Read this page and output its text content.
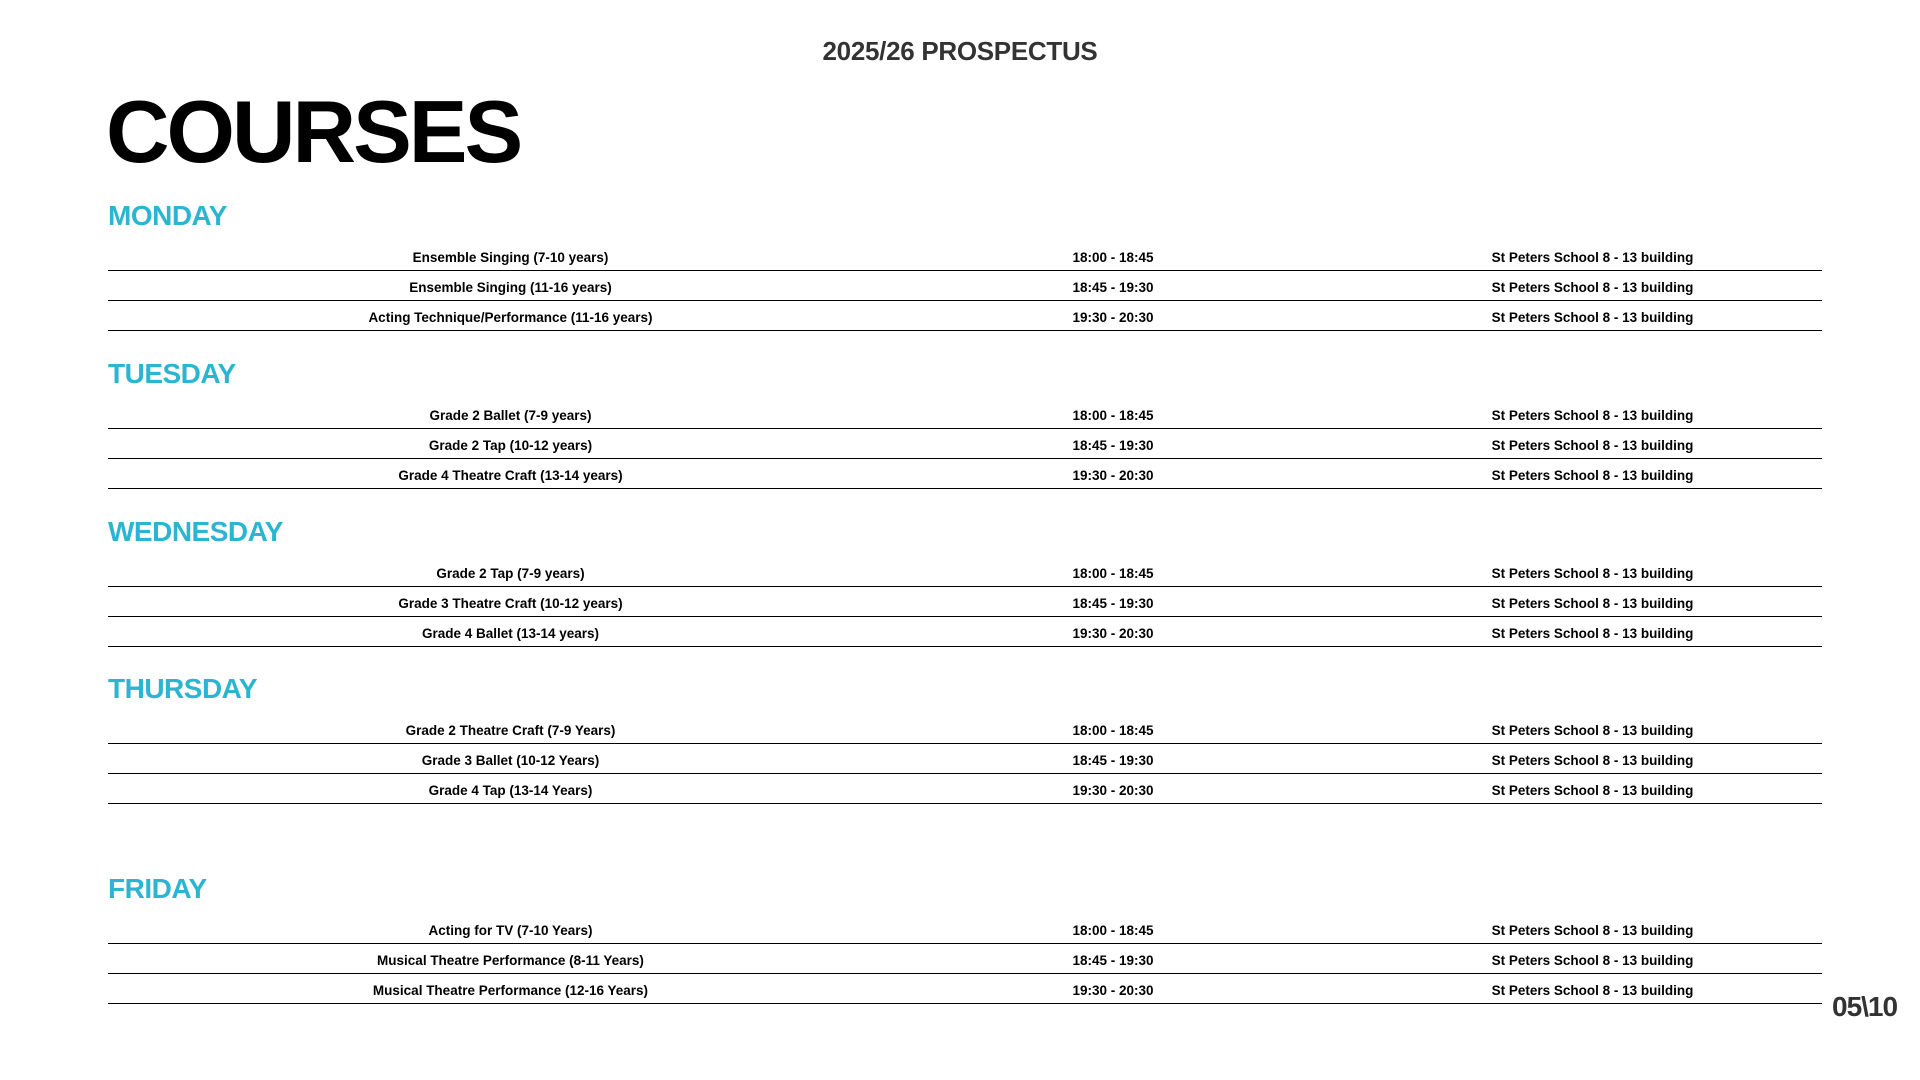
2025/26 PROSPECTUS
COURSES
MONDAY
Ensemble Singing (7-10 years)	18:00 - 18:45	St Peters School 8 - 13 building
Ensemble Singing (11-16 years)	18:45 - 19:30	St Peters School 8 - 13 building
Acting Technique/Performance (11-16 years)	19:30 - 20:30	St Peters School 8 - 13 building
TUESDAY
Grade 2 Ballet (7-9 years)	18:00 - 18:45	St Peters School 8 - 13 building
Grade 2 Tap (10-12 years)	18:45 - 19:30	St Peters School 8 - 13 building
Grade 4 Theatre Craft (13-14 years)	19:30 - 20:30	St Peters School 8 - 13 building
WEDNESDAY
Grade 2 Tap (7-9 years)	18:00 - 18:45	St Peters School 8 - 13 building
Grade 3 Theatre Craft (10-12 years)	18:45 - 19:30	St Peters School 8 - 13 building
Grade 4 Ballet (13-14 years)	19:30 - 20:30	St Peters School 8 - 13 building
THURSDAY
Grade 2 Theatre Craft (7-9 Years)	18:00 - 18:45	St Peters School 8 - 13 building
Grade 3 Ballet (10-12 Years)	18:45 - 19:30	St Peters School 8 - 13 building
Grade 4 Tap (13-14 Years)	19:30 - 20:30	St Peters School 8 - 13 building
FRIDAY
Acting for TV (7-10 Years)	18:00 - 18:45	St Peters School 8 - 13 building
Musical Theatre Performance (8-11 Years)	18:45 - 19:30	St Peters School 8 - 13 building
Musical Theatre Performance (12-16 Years)	19:30 - 20:30	St Peters School 8 - 13 building
05\10
